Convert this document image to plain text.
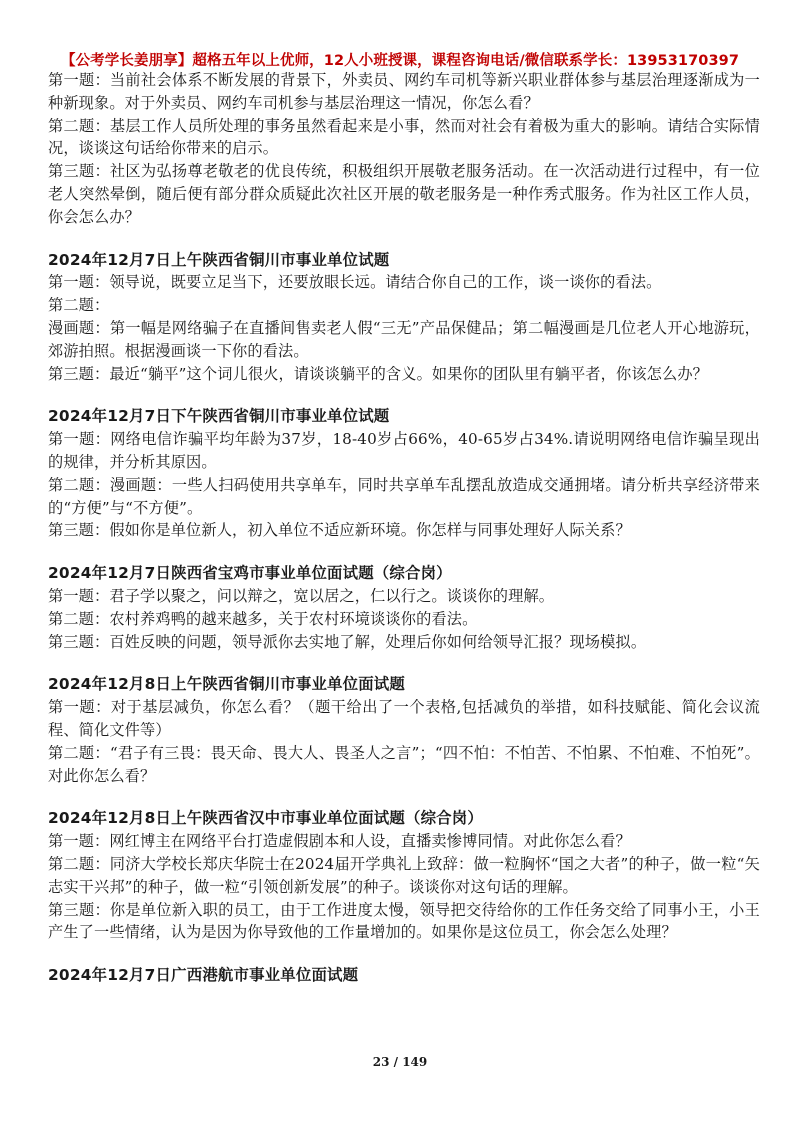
【公考学长姜朋享】超格五年以上优师，12人小班授课，课程咨询电话/微信联系学长：13953170397

第一题：当前社会体系不断发展的背景下，外卖员、网约车司机等新兴职业群体参与基层治理逐渐成为一种新现象。对于外卖员、网约车司机参与基层治理这一情况，你怎么看？

第二题：基层工作人员所处理的事务虽然看起来是小事，然而对社会有着极为重大的影响。请结合实际情况，谈谈这句话给你带来的启示。

第三题：社区为弘扬尊老敬老的优良传统，积极组织开展敬老服务活动。在一次活动进行过程中，有一位老人突然晕倒，随后便有部分群众质疑此次社区开展的敬老服务是一种作秀式服务。作为社区工作人员，你会怎么办？

2024年12月7日上午陕西省铜川市事业单位试题

第一题：领导说，既要立足当下，还要放眼长远。请结合你自己的工作，谈一谈你的看法。

第二题：

漫画题：第一幅是网络骗子在直播间售卖老人假“三无”产品保健品；第二幅漫画是几位老人开心地游玩，郊游拍照。根据漫画谈一下你的看法。

第三题：最近“躺平”这个词儿很火，请谈谈躺平的含义。如果你的团队里有躺平者，你该怎么办？

2024年12月7日下午陕西省铜川市事业单位试题

第一题：网络电信诈骗平均年龄为37岁，18-40岁占66%，40-65岁占34%.请说明网络电信诈骗呈现出的规律，并分析其原因。

第二题：漫画题：一些人扫码使用共享单车，同时共享单车乱摆乱放造成交通拥堵。请分析共享经济带来的“方便”与“不方便”。

第三题：假如你是单位新人，初入单位不适应新环境。你怎样与同事处理好人际关系？

2024年12月7日陕西省宝鸡市事业单位面试题（综合岗）

第一题：君子学以聚之，问以辩之，宽以居之，仁以行之。谈谈你的理解。

第二题：农村养鸡鸭的越来越多，关于农村环境谈谈你的看法。

第三题：百姓反映的问题，领导派你去实地了解，处理后你如何给领导汇报？现场模拟。

2024年12月8日上午陕西省铜川市事业单位面试题

第一题：对于基层减负，你怎么看？（题干给出了一个表格,包括减负的举措，如科技赋能、简化会议流程、简化文件等）

第二题：“君子有三畏：畏天命、畏大人、畏圣人之言”；“四不怕：不怕苦、不怕累、不怕难、不怕死”。对此你怎么看？

2024年12月8日上午陕西省汉中市事业单位面试题（综合岗）

第一题：网红博主在网络平台打造虚假剧本和人设，直播卖惨博同情。对此你怎么看？

第二题：同济大学校长郑庆华院士在2024届开学典礼上致辞：做一粒胸怀“国之大者”的种子，做一粒“矢志实干兴邦”的种子，做一粒“引领创新发展”的种子。谈谈你对这句话的理解。

第三题：你是单位新入职的员工，由于工作进度太慢，领导把交待给你的工作任务交给了同事小王，小王产生了一些情绪，认为是因为你导致他的工作量增加的。如果你是这位员工，你会怎么处理？

2024年12月7日广西港航市事业单位面试题

23 / 149
